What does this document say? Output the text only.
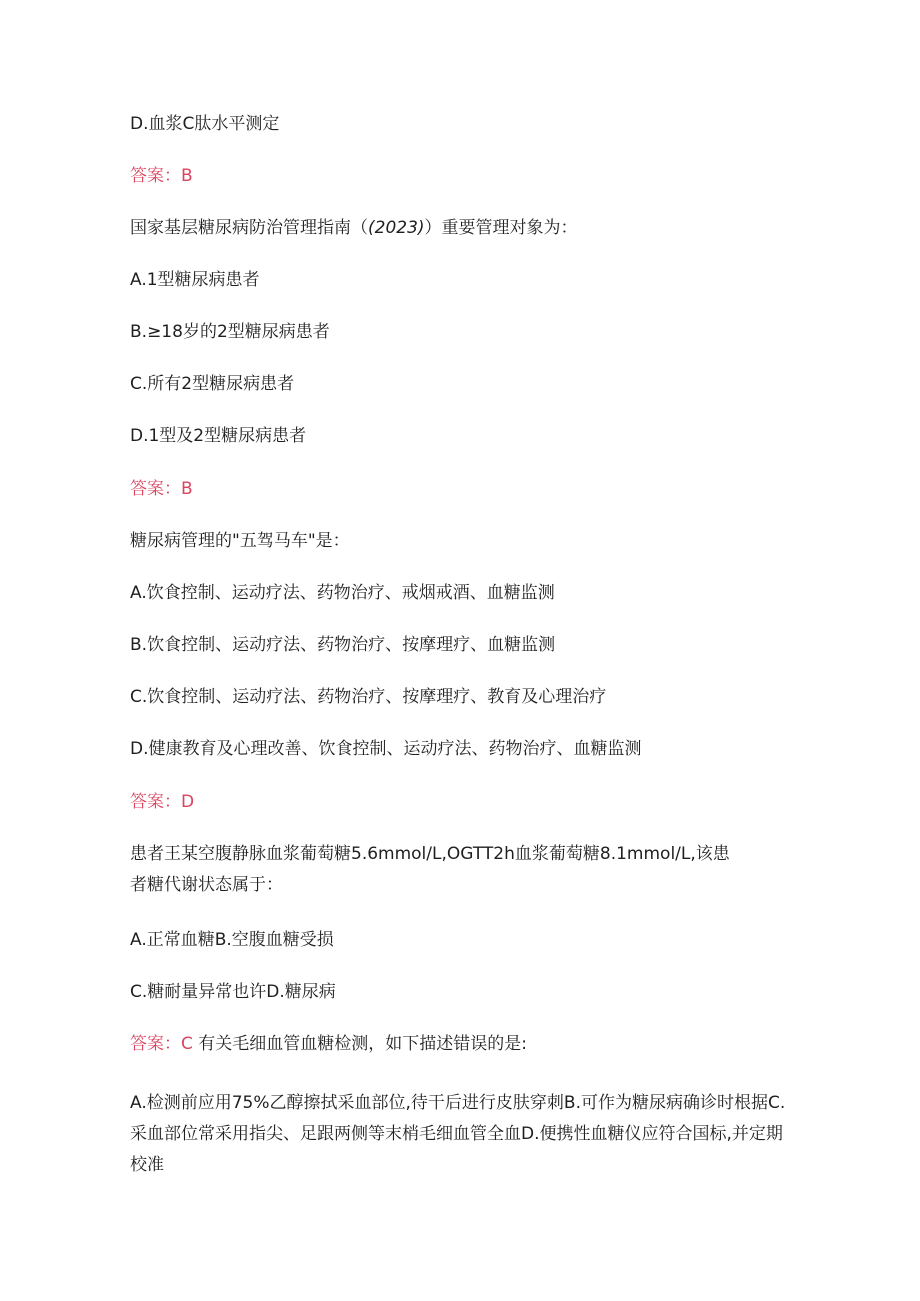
D.血浆C肽水平测定
答案：B
国家基层糖尿病防治管理指南（(2023)）重要管理对象为：
A.1型糖尿病患者
B.≥18岁的2型糖尿病患者
C.所有2型糖尿病患者
D.1型及2型糖尿病患者
答案：B
糖尿病管理的"五驾马车"是：
A.饮食控制、运动疗法、药物治疗、戒烟戒酒、血糖监测
B.饮食控制、运动疗法、药物治疗、按摩理疗、血糖监测
C.饮食控制、运动疗法、药物治疗、按摩理疗、教育及心理治疗
D.健康教育及心理改善、饮食控制、运动疗法、药物治疗、血糖监测
答案：D
患者王某空腹静脉血浆葡萄糖5.6mmol/L,OGTT2h血浆葡萄糖8.1mmol/L,该患
者糖代谢状态属于：
A.正常血糖B.空腹血糖受损
C.糖耐量异常也许D.糖尿病
答案：C 有关毛细血管血糖检测，如下描述错误的是:
A.检测前应用75%乙醇擦拭采血部位,待干后进行皮肤穿刺B.可作为糖尿病确诊时根据C.采血部位常采用指尖、足跟两侧等末梢毛细血管全血D.便携性血糖仪应符合国标,并定期校准
